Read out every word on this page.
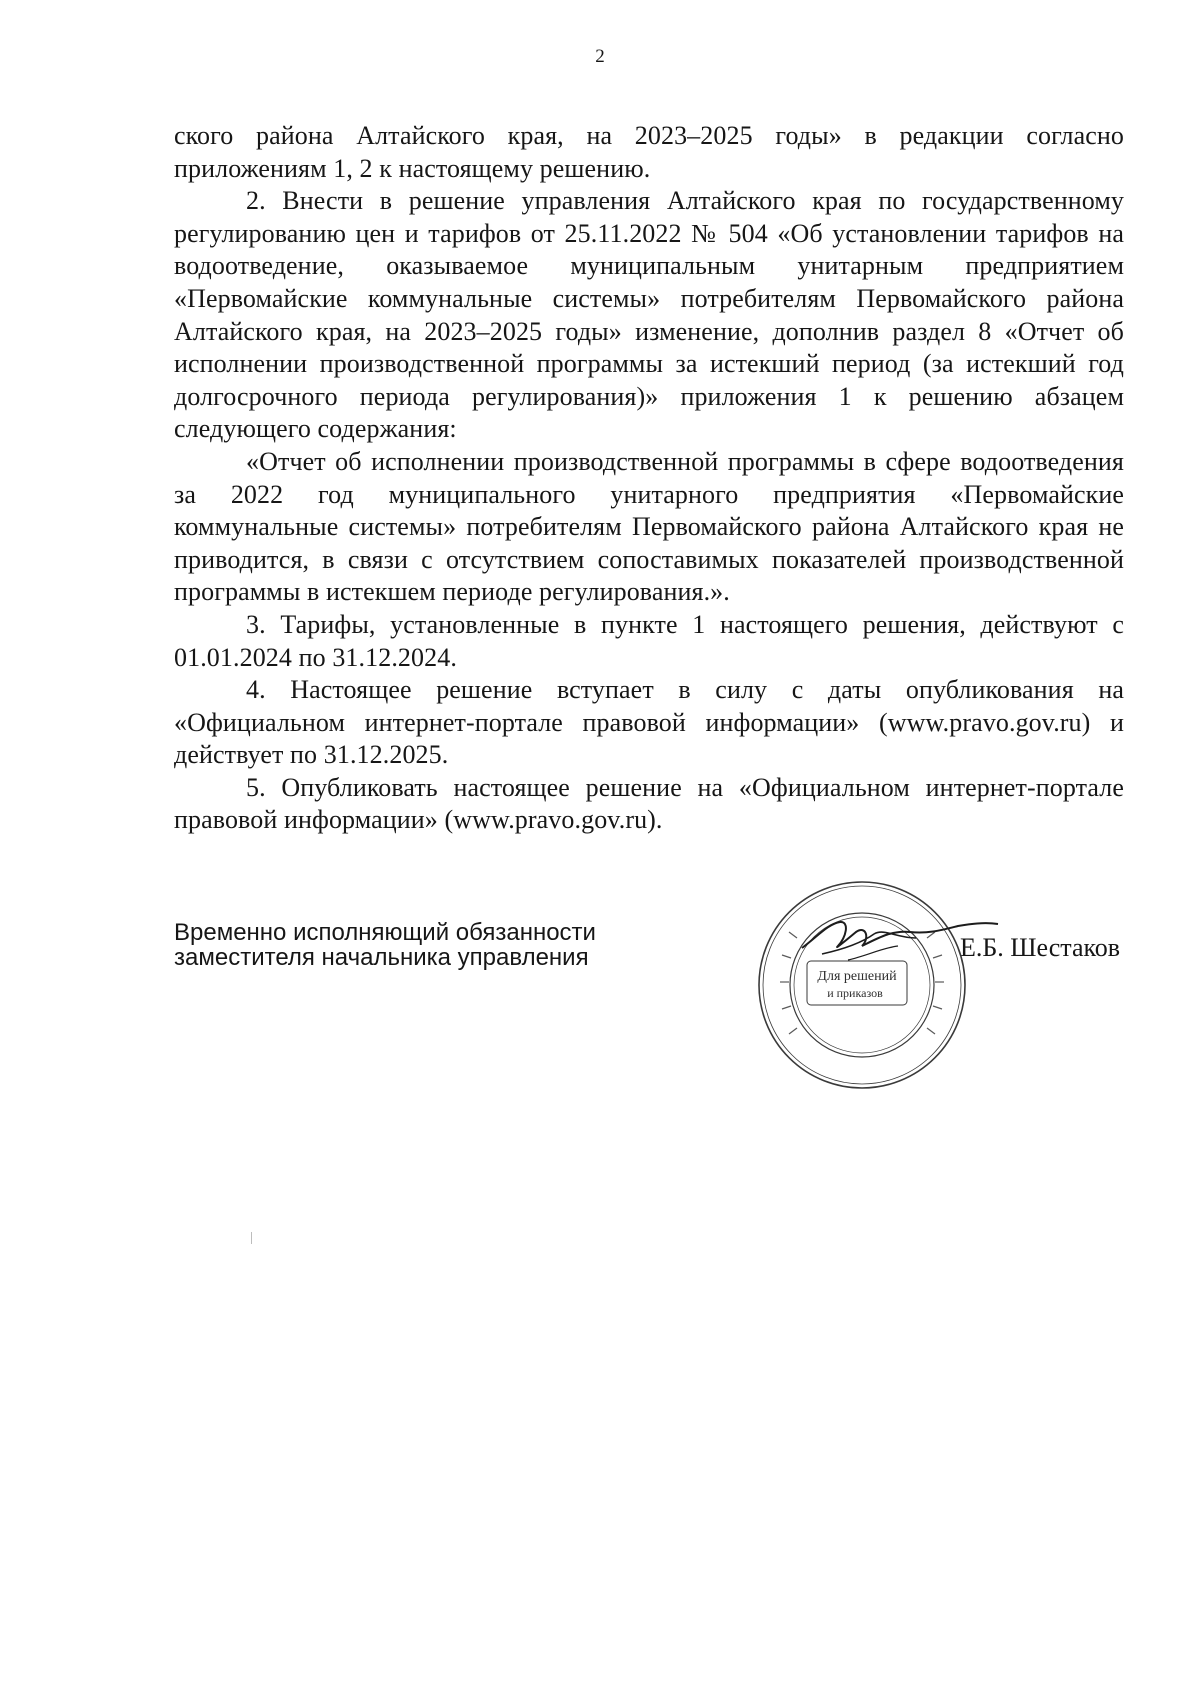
2

ского района Алтайского края, на 2023–2025 годы» в редакции согласно приложениям 1, 2 к настоящему решению.

2. Внести в решение управления Алтайского края по государственному регулированию цен и тарифов от 25.11.2022 № 504 «Об установлении тарифов на водоотведение, оказываемое муниципальным унитарным предприятием «Первомайские коммунальные системы» потребителям Первомайского района Алтайского края, на 2023–2025 годы» изменение, дополнив раздел 8 «Отчет об исполнении производственной программы за истекший период (за истекший год долгосрочного периода регулирования)» приложения 1 к решению абзацем следующего содержания:

«Отчет об исполнении производственной программы в сфере водоотведения за 2022 год муниципального унитарного предприятия «Первомайские коммунальные системы» потребителям Первомайского района Алтайского края не приводится, в связи с отсутствием сопоставимых показателей производственной программы в истекшем периоде регулирования.».

3. Тарифы, установленные в пункте 1 настоящего решения, действуют с 01.01.2024 по 31.12.2024.

4. Настоящее решение вступает в силу с даты опубликования на «Официальном интернет-портале правовой информации» (www.pravo.gov.ru) и действует по 31.12.2025.

5. Опубликовать настоящее решение на «Официальном интернет-портале правовой информации» (www.pravo.gov.ru).

Временно исполняющий обязанности
заместителя начальника управления
Для решений
и приказов
Е.Б. Шестаков
